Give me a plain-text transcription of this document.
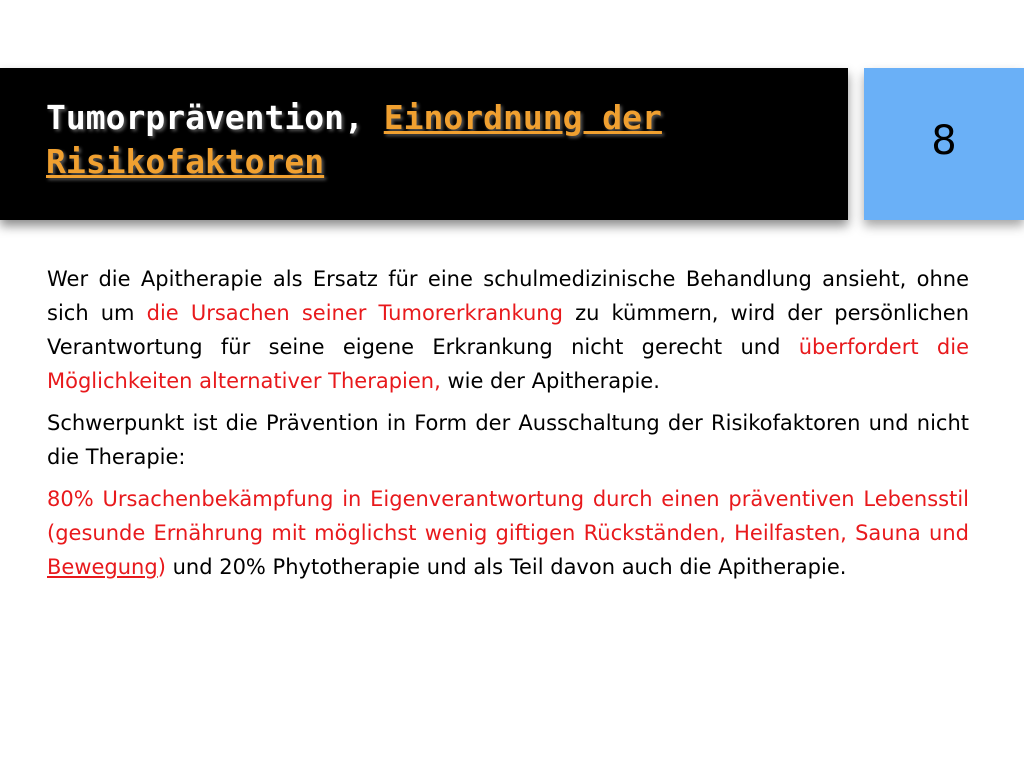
Tumorprävention, Einordnung der Risikofaktoren	8

Wer die Apitherapie als Ersatz für eine schulmedizinische Behandlung ansieht, ohne sich um die Ursachen seiner Tumorerkrankung zu kümmern, wird der persönlichen Verantwortung für seine eigene Erkrankung nicht gerecht und überfordert die Möglichkeiten alternativer Therapien, wie der Apitherapie.

Schwerpunkt ist die Prävention in Form der Ausschaltung der Risikofaktoren und nicht die Therapie:

80% Ursachenbekämpfung in Eigenverantwortung durch einen präventiven Lebensstil (gesunde Ernährung mit möglichst wenig giftigen Rückständen, Heilfasten, Sauna und Bewegung) und 20% Phytotherapie und als Teil davon auch die Apitherapie.
